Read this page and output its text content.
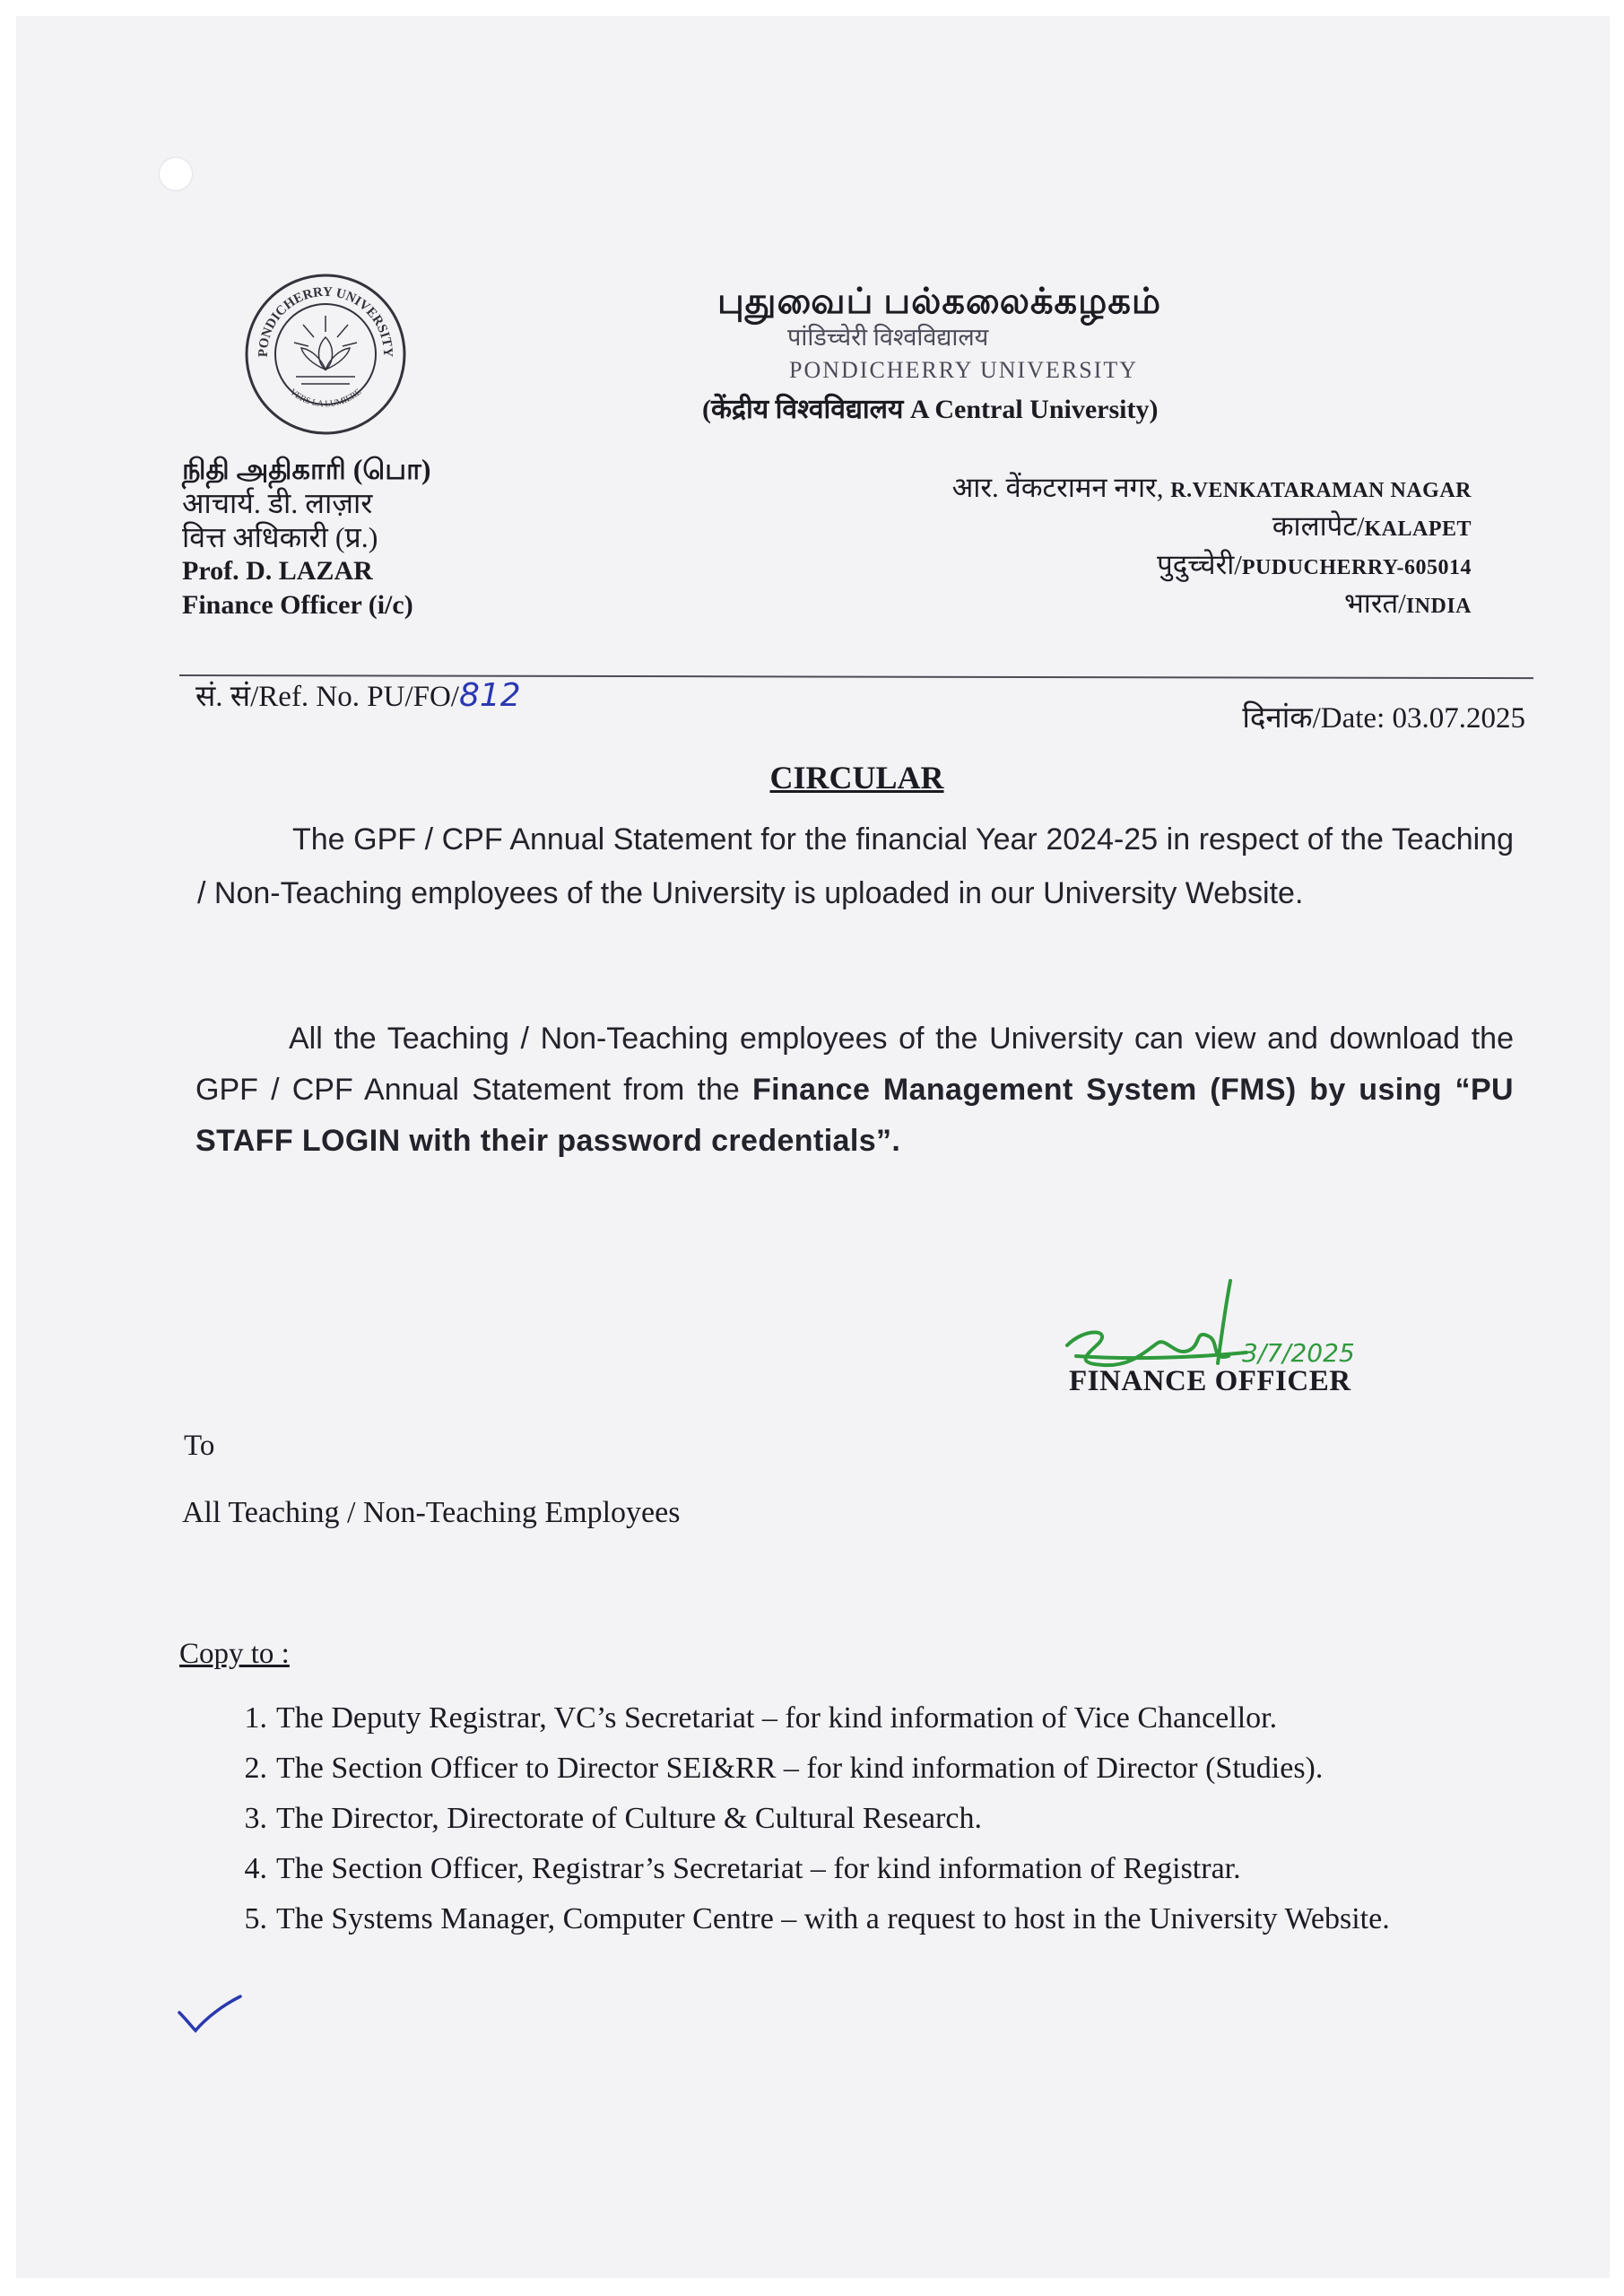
PONDICHERRY UNIVERSITY
VERS LA LUMIERE
புதுவைப் பல்கலைக்கழகம்
पांडिच्चेरी विश्वविद्यालय
PONDICHERRY UNIVERSITY
(केंद्रीय विश्वविद्यालय A Central University)
நிதி அதிகாரி (பொ)
आचार्य. डी. लाज़ार
वित्त अधिकारी (प्र.)
Prof. D. LAZAR
Finance Officer (i/c)
आर. वेंकटरामन नगर, R.VENKATARAMAN NAGAR
कालापेट/KALAPET
पुदुच्चेरी/PUDUCHERRY-605014
भारत/INDIA
सं. सं/Ref. No. PU/FO/812
दिनांक/Date: 03.07.2025
CIRCULAR
The GPF / CPF Annual Statement for the financial Year 2024-25 in respect of the Teaching / Non-Teaching employees of the University is uploaded in our University Website.
All the Teaching / Non-Teaching employees of the University can view and download the GPF / CPF Annual Statement from the Finance Management System (FMS) by using “PU STAFF LOGIN with their password credentials”.
3/7/2025
FINANCE OFFICER
To
All Teaching / Non-Teaching Employees
Copy to :
1. The Deputy Registrar, VC’s Secretariat – for kind information of Vice Chancellor.
2. The Section Officer to Director SEI&RR – for kind information of Director (Studies).
3. The Director, Directorate of Culture & Cultural Research.
4. The Section Officer, Registrar’s Secretariat – for kind information of Registrar.
5. The Systems Manager, Computer Centre – with a request to host in the University Website.
